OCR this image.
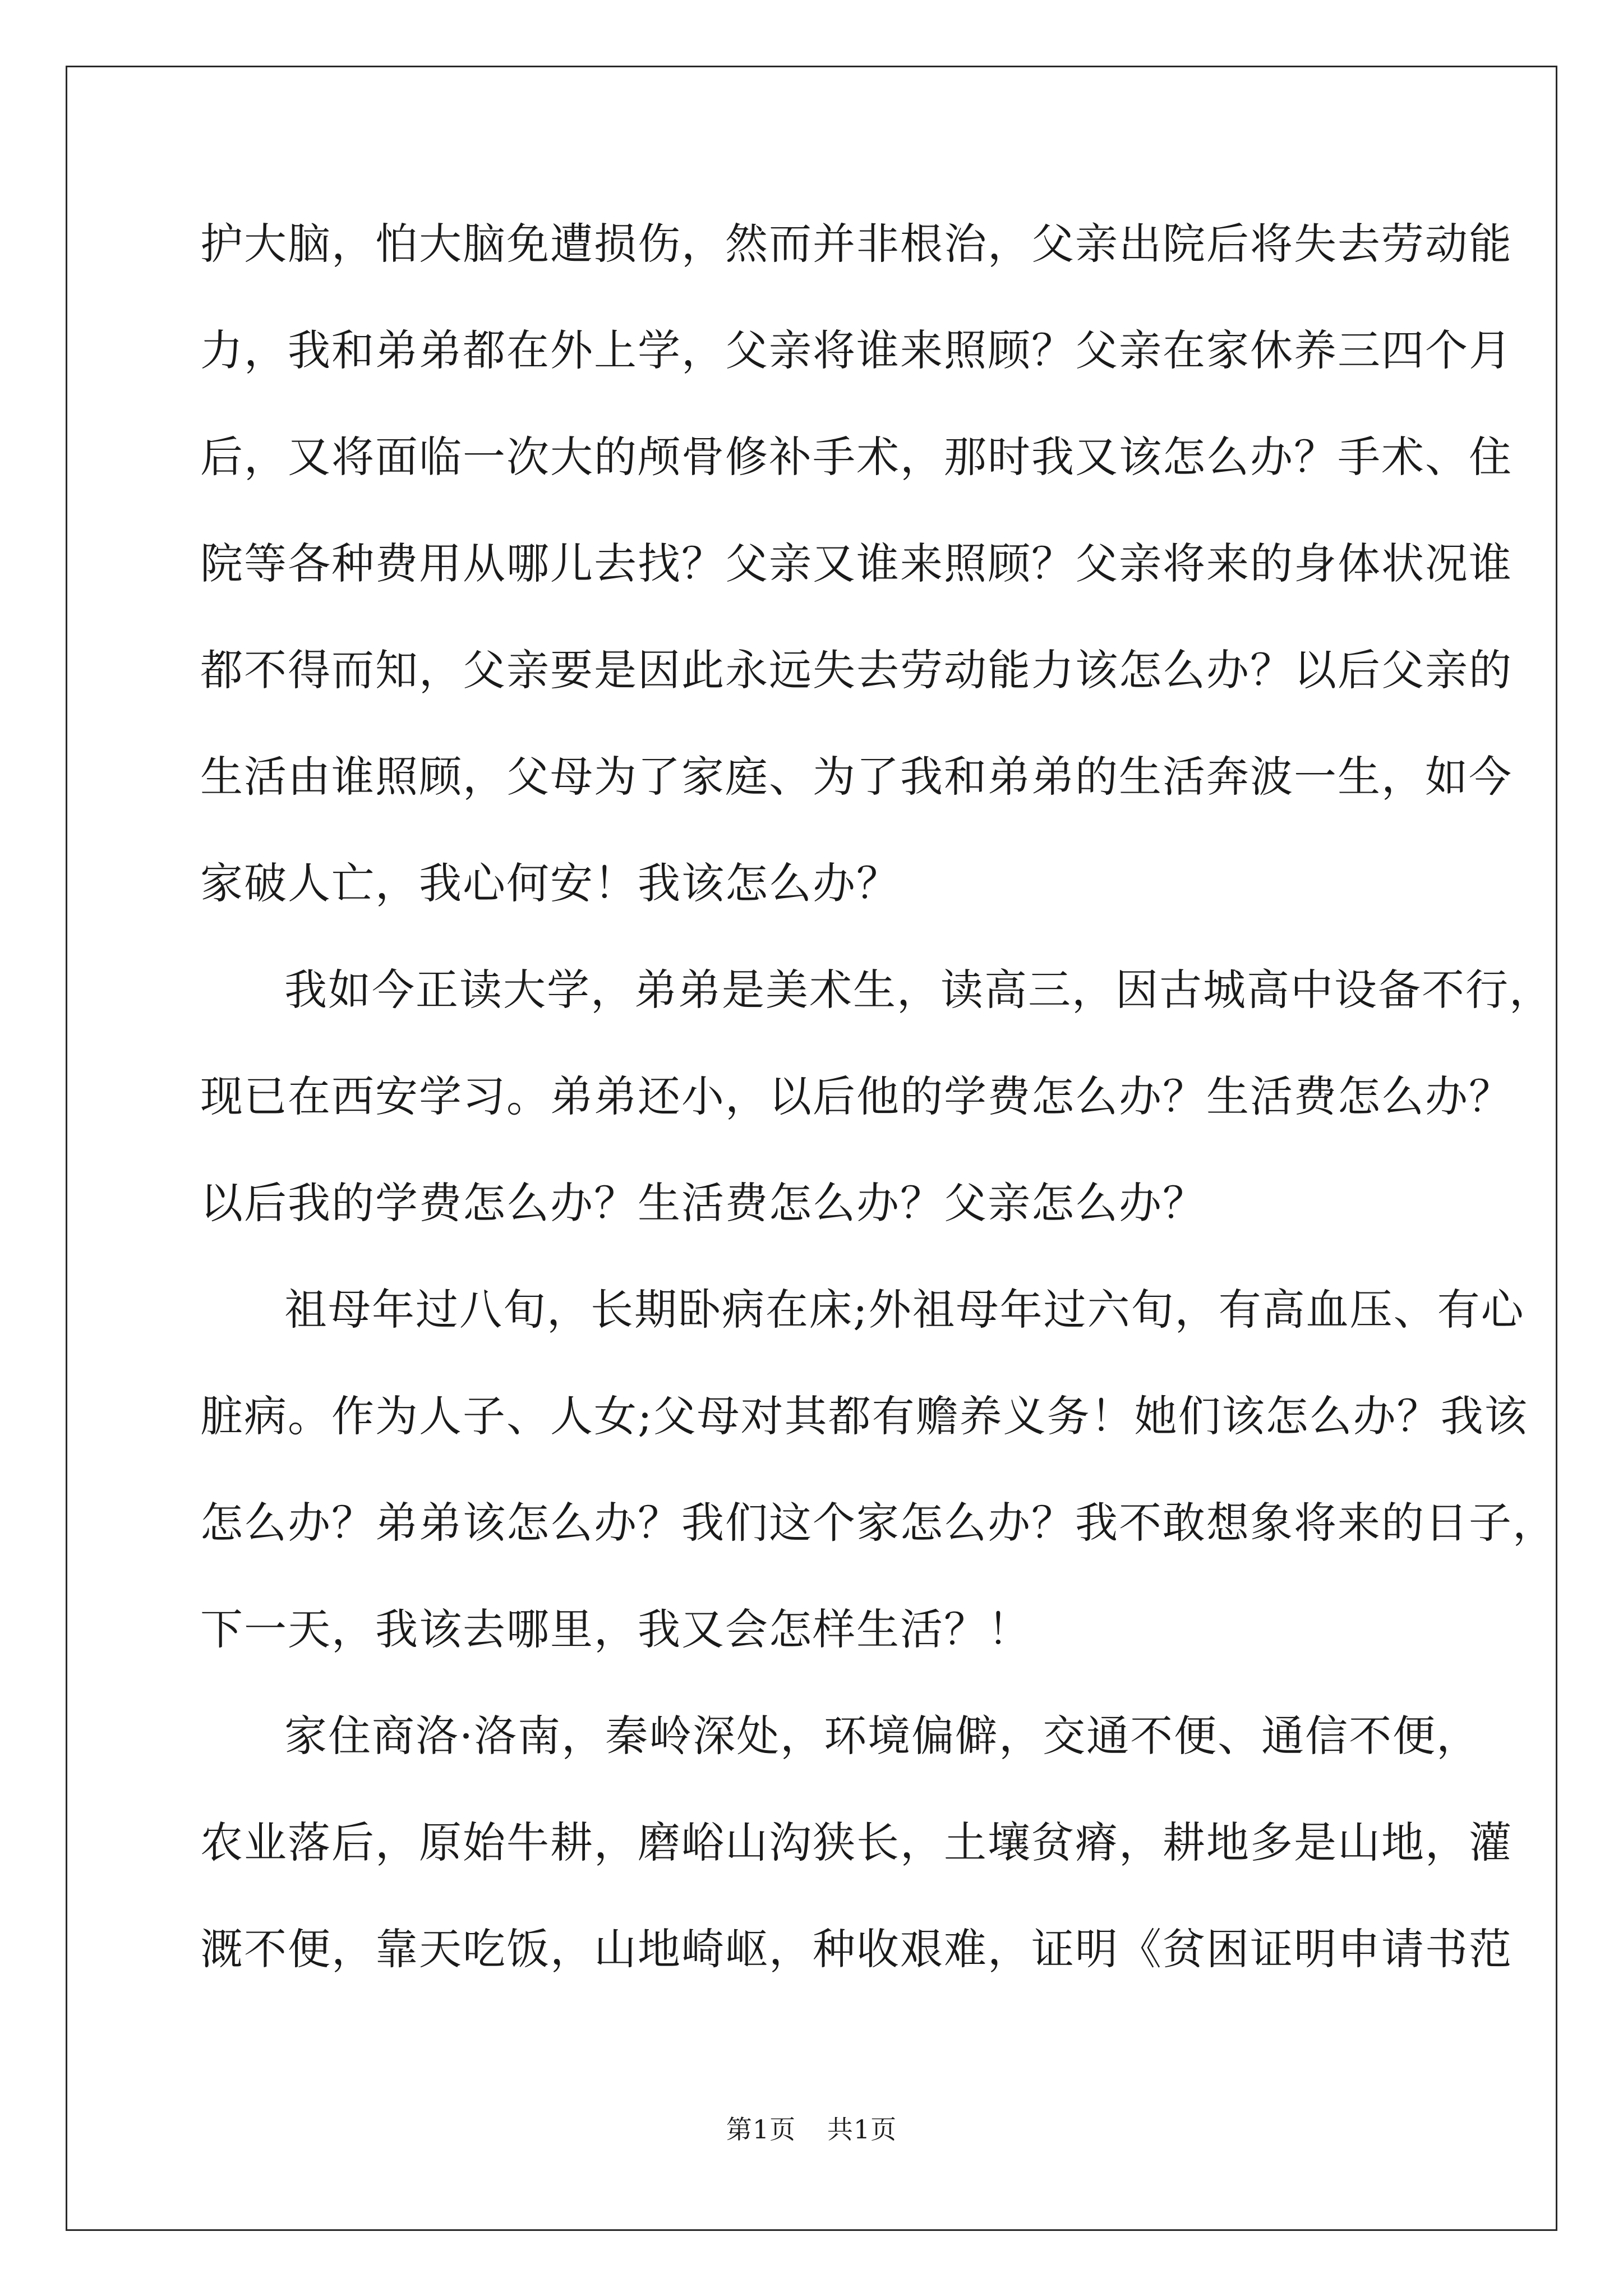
护大脑，怕大脑免遭损伤，然而并非根治，父亲出院后将失去劳动能
力，我和弟弟都在外上学，父亲将谁来照顾？父亲在家休养三四个月
后，又将面临一次大的颅骨修补手术，那时我又该怎么办？手术、住
院等各种费用从哪儿去找？父亲又谁来照顾？父亲将来的身体状况谁
都不得而知，父亲要是因此永远失去劳动能力该怎么办？以后父亲的
生活由谁照顾，父母为了家庭、为了我和弟弟的生活奔波一生，如今
家破人亡，我心何安！我该怎么办？
我如今正读大学，弟弟是美术生，读高三，因古城高中设备不行，
现已在西安学习。弟弟还小，以后他的学费怎么办？生活费怎么办？
以后我的学费怎么办？生活费怎么办？父亲怎么办？
祖母年过八旬，长期卧病在床;外祖母年过六旬，有高血压、有心
脏病。作为人子、人女;父母对其都有赡养义务！她们该怎么办？我该
怎么办？弟弟该怎么办？我们这个家怎么办？我不敢想象将来的日子，
下一天，我该去哪里，我又会怎样生活？！
家住商洛·洛南，秦岭深处，环境偏僻，交通不便、通信不便，
农业落后，原始牛耕，磨峪山沟狭长，土壤贫瘠，耕地多是山地，灌
溉不便，靠天吃饭，山地崎岖，种收艰难，证明《贫困证明申请书范
第1页 共1页
